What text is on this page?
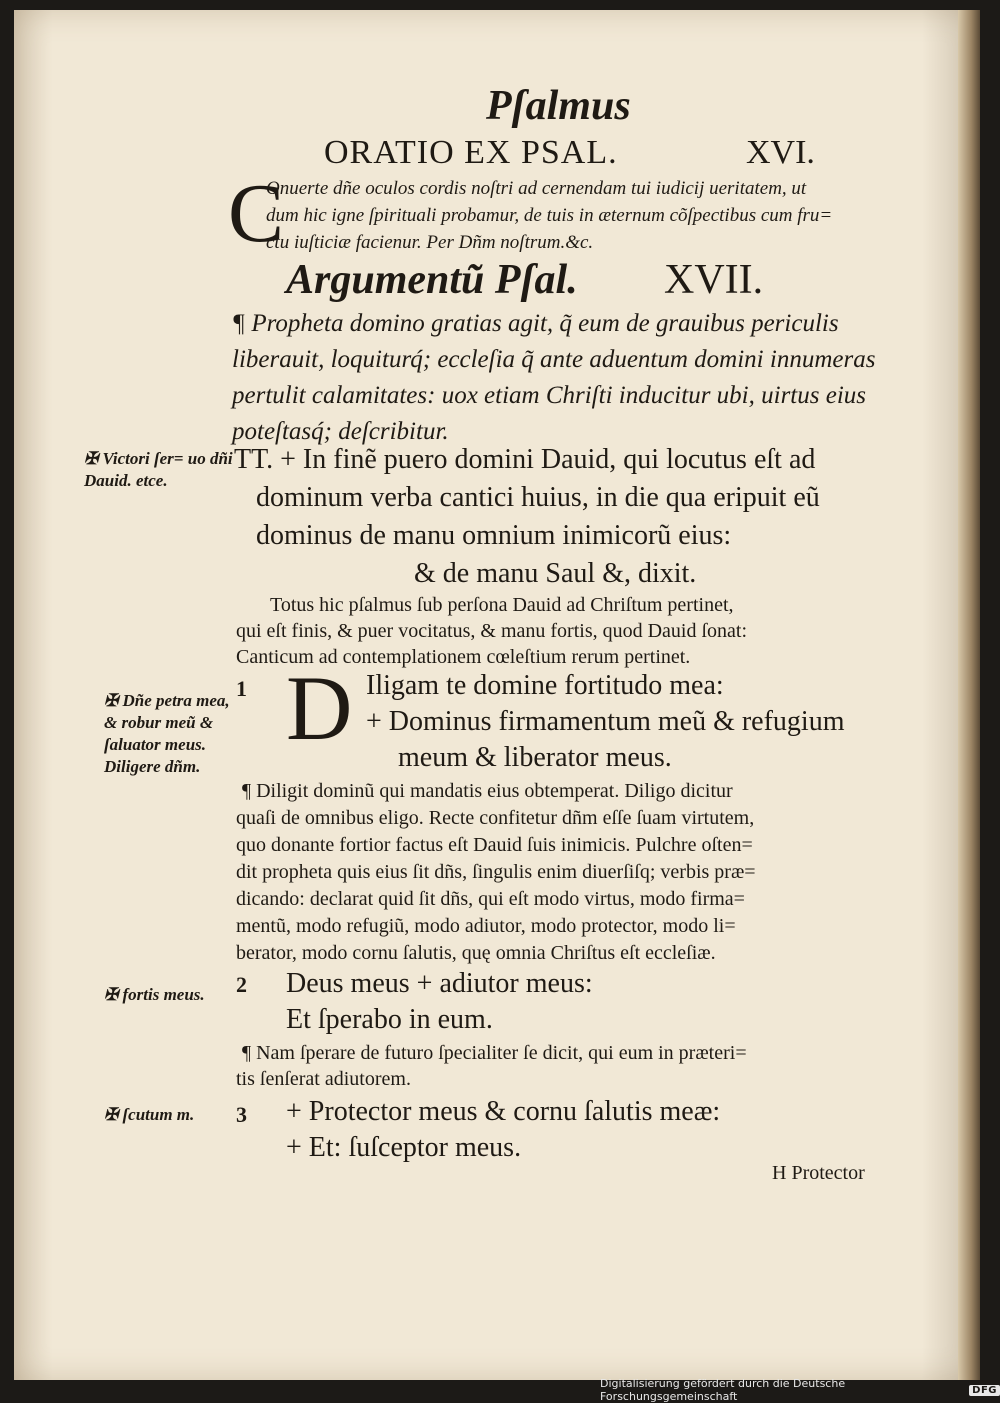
Pſalmus
ORATIO EX PSAL.	XVI.
C
Onuerte dñe oculos cordis noſtri ad cernendam tui iudicij ueritatem, ut
dum hic igne ſpirituali probamur, de tuis in æternum cõſpectibus cum fru=
ctu iuſticiæ facienur. Per Dñm noſtrum.&c.
Argumentũ Pſal. XVII.
¶ Propheta domino gratias agit, q̃ eum de grauibus periculis
liberauit, loquiturq́; eccleſia q̃ ante aduentum domini innumeras
pertulit calamitates: uox etiam Chriſti inducitur ubi, uirtus eius
poteſtasq́; deſcribitur.
✠ Victori ſer= uo dñi Dauid. etce.
TT. + In finẽ puero domini Dauid, qui locutus eſt ad
dominum verba cantici huius, in die qua eripuit eũ
dominus de manu omnium inimicorũ eius:
& de manu Saul &, dixit.
Totus hic pſalmus ſub perſona Dauid ad Chriſtum pertinet,
qui eſt finis, & puer vocitatus, & manu fortis, quod Dauid ſonat:
Canticum ad contemplationem cœleſtium rerum pertinet.
✠ Dñe petra mea, & robur meũ & ſaluator meus. Diligere dñm.
1 D Iligam te domine fortitudo mea:
+ Dominus firmamentum meũ & refugium
meum & liberator meus.
¶ Diligit dominũ qui mandatis eius obtemperat. Diligo dicitur
quaſi de omnibus eligo. Recte confitetur dñm eſſe ſuam virtutem,
quo donante fortior factus eſt Dauid ſuis inimicis. Pulchre oſten=
dit propheta quis eius ſit dñs, ſingulis enim diuerſiſq; verbis præ=
dicando: declarat quid ſit dñs, qui eſt modo virtus, modo firma=
mentũ, modo refugiũ, modo adiutor, modo protector, modo li=
berator, modo cornu ſalutis, quę omnia Chriſtus eſt eccleſiæ.
✠ fortis meus.	2 Deus meus + adiutor meus:
Et ſperabo in eum.
¶ Nam ſperare de futuro ſpecialiter ſe dicit, qui eum in præteri=
tis ſenſerat adiutorem.
✠ ſcutum m.	3 + Protector meus & cornu ſalutis meæ:
+ Et: ſuſceptor meus.
H Protector
Digitalisierung gefördert durch die Deutsche Forschungsgemeinschaft	DFG
